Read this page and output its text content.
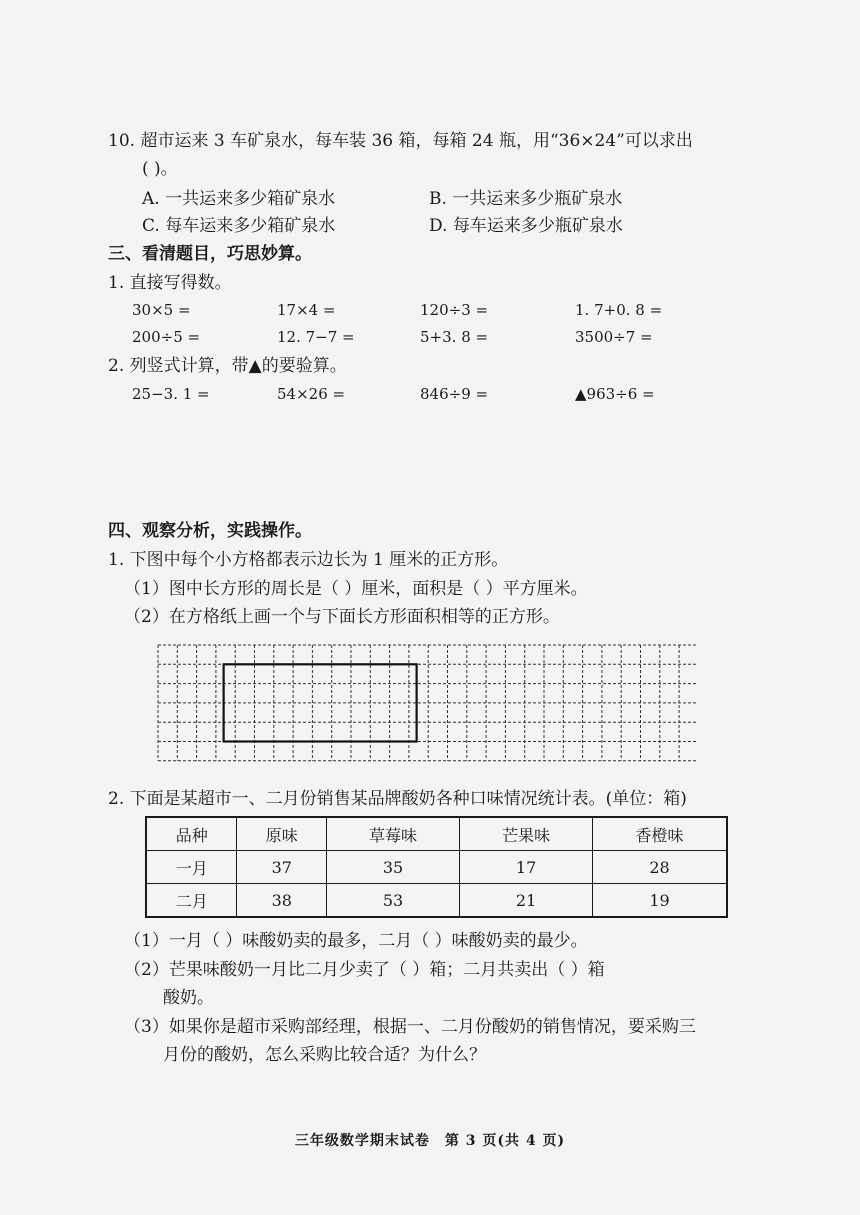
10. 超市运来 3 车矿泉水，每车装 36 箱，每箱 24 瓶，用“36×24”可以求出
( )。
A. 一共运来多少箱矿泉水	B. 一共运来多少瓶矿泉水
C. 每车运来多少箱矿泉水	D. 每车运来多少瓶矿泉水
三、看清题目，巧思妙算。
1. 直接写得数。
30×5 =	17×4 =	120÷3 =	1. 7+0. 8 =
200÷5 =	12. 7−7 =	5+3. 8 =	3500÷7 =
2. 列竖式计算，带▲的要验算。
25−3. 1 =	54×26 =	846÷9 =	▲963÷6 =
四、观察分析，实践操作。
1. 下图中每个小方格都表示边长为 1 厘米的正方形。
（1）图中长方形的周长是（ ）厘米，面积是（ ）平方厘米。
（2）在方格纸上画一个与下面长方形面积相等的正方形。
2. 下面是某超市一、二月份销售某品牌酸奶各种口味情况统计表。(单位：箱)
品种	原味	草莓味	芒果味	香橙味
一月	37	35	17	28
二月	38	53	21	19
（1）一月（ ）味酸奶卖的最多，二月（ ）味酸奶卖的最少。
（2）芒果味酸奶一月比二月少卖了（ ）箱；二月共卖出（ ）箱
酸奶。
（3）如果你是超市采购部经理，根据一、二月份酸奶的销售情况，要采购三
月份的酸奶，怎么采购比较合适？为什么？
三年级数学期末试卷　第 3 页(共 4 页)
